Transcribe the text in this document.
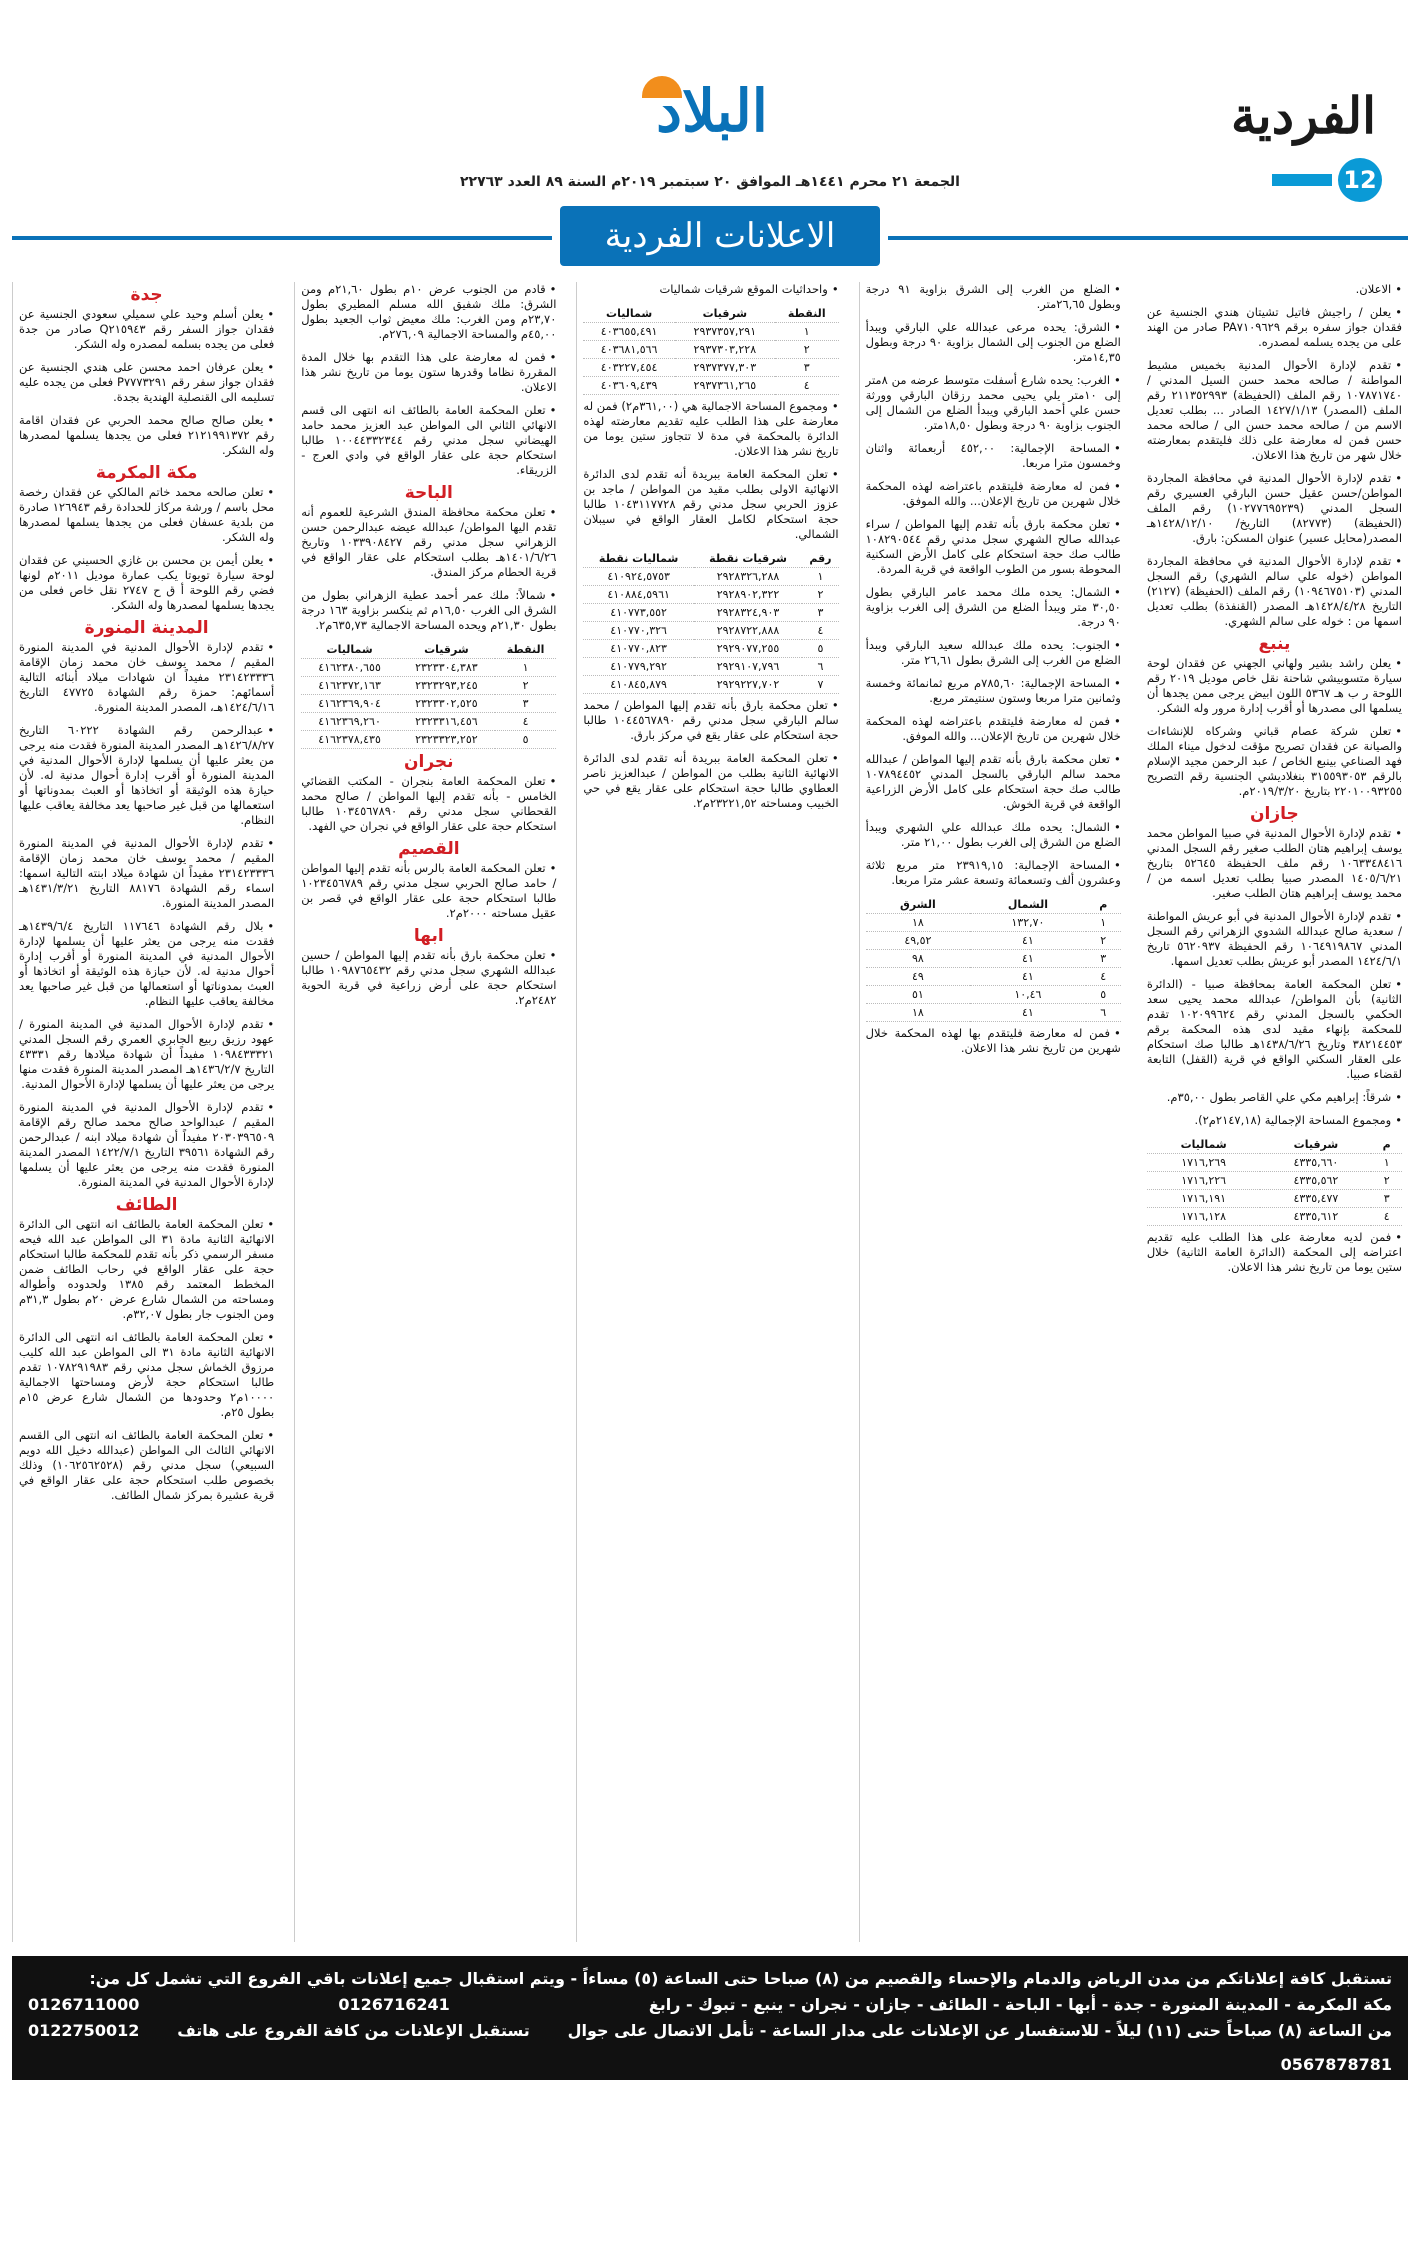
الفردية
12
البلاد
الجمعة ٢١ محرم ١٤٤١هـ الموافق ٢٠ سبتمبر ٢٠١٩م السنة ٨٩ العدد ٢٢٧٦٣
الاعلانات الفردية
جدة

• يعلن أسلم وحيد علي سميلي سعودي الجنسية عن فقدان جواز السفر رقم Q٢١٥٩٤٣ صادر من جدة فعلى من يجده بسلمه لمصدره وله الشكر.

• يعلن عرفان احمد محسن على هندي الجنسية عن فقدان جواز سفر رقم P٧٧٧٣٢٩١ فعلى من يجده عليه تسليمه الى القنصلية الهندية بجدة.

• يعلن صالح صالح محمد الحربي عن فقدان اقامة رقم ٢١٢١٩٩١٣٧٢ فعلى من يجدها يسلمها لمصدرها وله الشكر.

مكة المكرمة

• تعلن صالحه محمد خاتم المالكي عن فقدان رخصة محل باسم / ورشة مركاز للحدادة رقم ١٢٦٩٤٣ صادرة من بلدية عسفان فعلى من يجدها يسلمها لمصدرها وله الشكر.

• يعلن أيمن بن محسن بن غازي الحسيني عن فقدان لوحة سيارة تويوتا يكب عمارة موديل ٢٠١١م لونها فضي رقم اللوحة أ ق ح ٢٧٤٧ نقل خاص فعلى من يجدها يسلمها لمصدرها وله الشكر.

المدينة المنورة

• تقدم لإدارة الأحوال المدنية في المدينة المنورة المقيم / محمد يوسف خان محمد زمان الإقامة ٢٣١٤٢٣٣٣٦ مفيداً ان شهادات ميلاد أبنائه التالية أسمائهم: حمزة رقم الشهادة ٤٧٧٢٥ التاريخ ١٤٢٤/٦/١٦هـ، المصدر المدينة المنورة.

• عبدالرحمن رقم الشهادة ٦٠٢٢٢ التاريخ ١٤٢٦/٨/٢٧هـ المصدر المدينة المنورة فقدت منه يرجى من يعثر عليها أن يسلمها لإدارة الأحوال المدنية في المدينة المنورة أو أقرب إدارة أحوال مدنية له. لأن حيازة هذه الوثيقة أو اتخاذها أو العبث بمدوناتها أو استعمالها من قبل غير صاحبها يعد مخالفة يعاقب عليها النظام.

• تقدم لإدارة الأحوال المدنية في المدينة المنورة المقيم / محمد يوسف خان محمد زمان الإقامة ٢٣١٤٢٣٣٣٦ مفيداً ان شهادة ميلاد ابنته التالية اسمها: اسماء رقم الشهادة ٨٨١٧٦ التاريخ ١٤٣١/٣/٢١هـ المصدر المدينة المنورة.

• بلال رقم الشهادة ١١٧٦٤٦ التاريخ ١٤٣٩/٦/٤هـ فقدت منه يرجى من يعثر عليها أن يسلمها لإدارة الأحوال المدنية في المدينة المنورة أو أقرب إدارة أحوال مدنية له. لأن حيازة هذه الوثيقة أو اتخاذها أو العبث بمدوناتها أو استعمالها من قبل غير صاحبها يعد مخالفة يعاقب عليها النظام.

• تقدم لإدارة الأحوال المدنية في المدينة المنورة / عهود رزيق ربيع الجابري العمري رقم السجل المدني ١٠٩٨٤٣٣٣٢١ مفيداً أن شهادة ميلادها رقم ٤٣٣٣١ التاريخ ١٤٣٦/٢/٧هـ المصدر المدينة المنورة فقدت منها يرجى من يعثر عليها أن يسلمها لإدارة الأحوال المدنية.

• تقدم لإدارة الأحوال المدنية في المدينة المنورة المقيم / عبدالواحد صالح محمد صالح رقم الإقامة ٢٠٣٠٣٩٦٥٠٩ مفيداً أن شهادة ميلاد ابنه / عبدالرحمن رقم الشهادة ٣٩٥٦١ التاريخ ١٤٢٢/٧/١ المصدر المدينة المنورة فقدت منه يرجى من يعثر عليها أن يسلمها لإدارة الأحوال المدنية في المدينة المنورة.

الطائف

• تعلن المحكمة العامة بالطائف انه انتهى الى الدائرة الانهائية الثانية مادة ٣١ الى المواطن عبد الله فيحه مسفر الرسمي ذكر بأنه تقدم للمحكمة طالبا استحكام حجة على عقار الواقع في رحاب الطائف ضمن المخطط المعتمد رقم ١٣٨٥ ولحدوده وأطواله ومساحته من الشمال شارع عرض ٢٠م بطول ٣١,٣م ومن الجنوب جار بطول ٣٢,٠٧م.

• تعلن المحكمة العامة بالطائف انه انتهى الى الدائرة الانهائية الثانية مادة ٣١ الى المواطن عبد الله كليب مرزوق الخماش سجل مدني رقم ١٠٧٨٢٩١٩٨٣ تقدم طالبا استحكام حجة لأرض ومساحتها الاجمالية ١٠٠٠٠م٢ وحدودها من الشمال شارع عرض ١٥م بطول ٢٥م.

• تعلن المحكمة العامة بالطائف انه انتهى الى القسم الانهائي الثالث الى المواطن (عبدالله دخيل الله دويم السبيعي) سجل مدني رقم (١٠٦٢٥٦٢٥٢٨) وذلك بخصوص طلب استحكام حجة على عقار الواقع في قرية عشيرة بمركز شمال الطائف.

• قادم من الجنوب عرض ١٠م بطول ٢١,٦٠م ومن الشرق: ملك شفيق الله مسلم المطيري بطول ٢٣,٧٠م ومن الغرب: ملك معيض ثواب الجعيد بطول ٤٥,٠٠م والمساحة الاجمالية ٢٧٦,٠٩م.

• فمن له معارضة على هذا التقدم بها خلال المدة المقررة نظاما وقدرها ستون يوما من تاريخ نشر هذا الاعلان.

• تعلن المحكمة العامة بالطائف انه انتهى الى قسم الانهائي الثاني الى المواطن عبد العزيز محمد حامد الهيضاني سجل مدني رقم ١٠٠٤٤٣٣٢٣٤٤ طالبا استحكام حجة على عقار الواقع في وادي العرج - الزريقاء.

الباحة

• تعلن محكمة محافظة المندق الشرعية للعموم أنه تقدم اليها المواطن/ عبدالله عيضه عبدالرحمن حسن الزهراني سجل مدني رقم ١٠٣٣٩٠٨٤٢٧ وتاريخ ١٤٠١/٦/٢٦هـ بطلب استحكام على عقار الواقع في قرية الحطام مركز المندق.

• شمالاً: ملك عمر أحمد عطية الزهراني بطول من الشرق الى الغرب ١٦,٥٠م ثم ينكسر بزاوية ١٦٣ درجة بطول ٢١,٣٠م ويحده المساحة الاجمالية ٦٣٥,٧٣م٢.

النقطة	شرقيات	شماليات
١	٢٣٢٣٣٠٤,٣٨٣	٤١٦٢٣٨٠,٦٥٥
٢	٢٣٢٣٢٩٣,٢٤٥	٤١٦٢٣٧٢,١٦٣
٣	٢٣٢٣٣٠٢,٥٢٥	٤١٦٢٣٦٩,٩٠٤
٤	٢٣٢٣٣١٦,٤٥٦	٤١٦٢٣٦٩,٢٦٠
٥	٢٣٢٣٣٢٣,٢٥٢	٤١٦٢٣٧٨,٤٣٥
نجران

• تعلن المحكمة العامة بنجران - المكتب القضائي الخامس - بأنه تقدم إليها المواطن / صالح محمد القحطاني سجل مدني رقم ١٠٣٤٥٦٧٨٩٠ طالبا استحكام حجة على عقار الواقع في نجران حي الفهد.

القصيم

• تعلن المحكمة العامة بالرس بأنه تقدم إليها المواطن / حامد صالح الحربي سجل مدني رقم ١٠٢٣٤٥٦٧٨٩ طالبا استحكام حجة على عقار الواقع في قصر بن عقيل مساحته ٢٠٠٠م٢.

ابها

• تعلن محكمة بارق بأنه تقدم إليها المواطن / حسين عبدالله الشهري سجل مدني رقم ١٠٩٨٧٦٥٤٣٢ طالبا استحكام حجة على أرض زراعية في قرية الحوية ٢٤٨٢م٢.

• واحداثيات الموقع شرقيات شماليات

النقطة	شرقيات	شماليات
١	٢٩٣٧٣٥٧,٢٩١	٤٠٣٦٥٥,٤٩١
٢	٢٩٣٧٣٠٣,٢٢٨	٤٠٣٦٨١,٥٦٦
٣	٢٩٣٧٣٧٧,٣٠٣	٤٠٣٢٢٧,٤٥٤
٤	٢٩٣٧٣٦١,٢٦٥	٤٠٣٦٠٩,٤٣٩

• ومجموع المساحة الاجمالية هي (٣٦١,٠٠م٢) فمن له معارضة على هذا الطلب عليه تقديم معارضته لهذه الدائرة بالمحكمة في مدة لا تتجاوز ستين يوما من تاريخ نشر هذا الاعلان.

• تعلن المحكمة العامة ببريدة أنه تقدم لدى الدائرة الانهائية الاولى بطلب مقيد من المواطن / ماجد بن عزوز الحربي سجل مدني رقم ١٠٤٣١١٧٧٢٨ طالبا حجة استحكام لكامل العقار الواقع في سيبلان الشمالي.

رقم	شرقيات نقطة	شماليات نقطة
١	٢٩٢٨٣٢٦,٢٨٨	٤١٠٩٢٤,٥٧٥٣
٢	٢٩٢٨٩٠٢,٣٢٢	٤١٠٨٨٤,٥٩٦١
٣	٢٩٢٨٣٢٤,٩٠٣	٤١٠٧٧٣,٥٥٢
٤	٢٩٢٨٧٢٢,٨٨٨	٤١٠٧٧٠,٣٢٦
٥	٢٩٢٩٠٧٧,٢٥٥	٤١٠٧٧٠,٨٢٣
٦	٢٩٢٩١٠٧,٧٩٦	٤١٠٧٧٩,٢٩٢
٧	٢٩٢٩٢٢٧,٧٠٢	٤١٠٨٤٥,٨٧٩

• تعلن محكمة بارق بأنه تقدم إليها المواطن / محمد سالم البارقي سجل مدني رقم ١٠٤٤٥٦٧٨٩٠ طالبا حجة استحكام على عقار يقع في مركز بارق.

• تعلن المحكمة العامة ببريدة أنه تقدم لدى الدائرة الانهائية الثانية بطلب من المواطن / عبدالعزيز ناصر العطاوي طالبا حجة استحكام على عقار يقع في حي الخبيب ومساحته ٢٣٢٢١,٥٢م٢.

• الضلع من الغرب إلى الشرق بزاوية ٩١ درجة وبطول ٢٦,٦٥متر.

• الشرق: يحده مرعى عبدالله علي البارقي ويبدأ الضلع من الجنوب إلى الشمال بزاوية ٩٠ درجة وبطول ١٤,٣٥متر.

• الغرب: يحده شارع أسفلت متوسط عرضه من ٨متر إلى ١٠متر يلي يحيى محمد رزقان البارقي وورثة حسن علي أحمد البارقي ويبدأ الضلع من الشمال إلى الجنوب بزاوية ٩٠ درجة وبطول ١٨,٥٠متر.

• المساحة الإجمالية: ٤٥٢,٠٠ أربعمائة واثنان وخمسون مترا مربعا.

• فمن له معارضة فليتقدم باعتراضه لهذه المحكمة خلال شهرين من تاريخ الإعلان... والله الموفق.

• تعلن محكمة بارق بأنه تقدم إليها المواطن / سراء عبدالله صالح الشهري سجل مدني رقم ١٠٨٢٩٠٥٤٤ طالب صك حجة استحكام على كامل الأرض السكنية المحوطة بسور من الطوب الواقعة في قرية المردة.

• الشمال: يحده ملك محمد عامر البارقي بطول ٣٠,٥٠ متر ويبدأ الضلع من الشرق إلى الغرب بزاوية ٩٠ درجة.

• الجنوب: يحده ملك عبدالله سعيد البارقي ويبدأ الضلع من الغرب إلى الشرق بطول ٢٦,٦١ متر.

• المساحة الإجمالية: ٧٨٥,٦٠م مربع ثمانمائة وخمسة وثمانين مترا مربعا وستون سنتيمتر مربع.

• فمن له معارضة فليتقدم باعتراضه لهذه المحكمة خلال شهرين من تاريخ الإعلان... والله الموفق.

• تعلن محكمة بارق بأنه تقدم إليها المواطن / عبدالله محمد سالم البارقي بالسجل المدني ١٠٧٨٩٤٤٥٢ طالب صك حجة استحكام على كامل الأرض الزراعية الواقعة في قرية الخوش.

• الشمال: يحده ملك عبدالله علي الشهري ويبدأ الضلع من الشرق إلى الغرب بطول ٢١,٠٠ متر.

• المساحة الإجمالية: ٢٣٩١٩,١٥ متر مربع ثلاثة وعشرون ألف وتسعمائة وتسعة عشر مترا مربعا.

م	الشمال	الشرق
١	١٣٢,٧٠	١٨
٢	٤١	٤٩,٥٢
٣	٤١	٩٨
٤	٤١	٤٩
٥	١٠,٤٦	٥١
٦	٤١	١٨

• فمن له معارضة فليتقدم بها لهذه المحكمة خلال شهرين من تاريخ نشر هذا الاعلان.

• الاعلان.

• يعلن / راجيش فاتيل تشيتان هندي الجنسية عن فقدان جواز سفره برقم PA٧١٠٩٦٢٩ صادر من الهند على من يجده يسلمه لمصدره.

• تقدم لإدارة الأحوال المدنية بخميس مشيط المواطنة / صالحه محمد حسن السيل المدني / ١٠٧٨٧١٧٤٠ رقم الملف (الحفيظة) ٢١١٣٥٢٩٩٣ رقم الملف (المصدر) ١٤٢٧/١/١٣ الصادر ... بطلب تعديل الاسم من / صالحه محمد حسن الى / صالحه محمد حسن فمن له معارضة على ذلك فليتقدم بمعارضته خلال شهر من تاريخ هذا الاعلان.

• تقدم لإدارة الأحوال المدنية في محافظة المجاردة المواطن/حسن عقيل حسن البارقي العسيري رقم السجل المدني (١٠٢٧٧٦٩٥٢٣٩) رقم الملف (الحفيظة) (٨٢٧٧٣) التاريخ/ ١٤٢٨/١٢/١٠هـ المصدر(محايل عسير) عنوان المسكن: بارق.

• تقدم لإدارة الأحوال المدنية في محافظة المجاردة المواطن (خوله علي سالم الشهري) رقم السجل المدني (١٠٩٤٦٧٥١٠٣) رقم الملف (الحفيظة) (٢١٢٧) التاريخ ١٤٢٨/٤/٢٨هـ المصدر (القنفذة) بطلب تعديل اسمها من : خوله على سالم الشهري.

ينبع

• يعلن راشد بشير ولهاني الجهني عن فقدان لوحة سيارة متسوبيشي شاحنة نقل خاص موديل ٢٠١٩ رقم اللوحة ر ب هـ ٥٣٦٧ اللون ابيض يرجى ممن يجدها أن يسلمها الى مصدرها أو أقرب إدارة مرور وله الشكر.

• تعلن شركة عصام قباني وشركاه للإنشاءات والصيانة عن فقدان تصريح مؤقت لدخول ميناء الملك فهد الصناعي بينبع الخاص / عبد الرحمن مجيد الإسلام بالرقم ٣١٥٥٩٣٠٥٣ بنغلاديشي الجنسية رقم التصريح ٢٢٠١٠٠٩٣٢٥٥ بتاريخ ٢٠١٩/٣/٢٠م.

جازان

• تقدم لإدارة الأحوال المدنية في صبيا المواطن محمد يوسف إبراهيم هتان الطلب صغير رقم السجل المدني ١٠٦٣٣٤٨٤١٦ رقم ملف الحفيظة ٥٢٦٤٥ بتاريخ ١٤٠٥/٦/٢١ المصدر صبيا بطلب تعديل اسمه من / محمد يوسف إبراهيم هتان الطلب صغير.

• تقدم لإدارة الأحوال المدنية في أبو عريش المواطنة / سعدية صالح عبدالله الشدوي الزهراني رقم السجل المدني ١٠٦٤٩١٩٨٦٧ رقم الحفيظة ٥٦٢٠٩٣٧ تاريخ ١٤٢٤/٦/١ المصدر أبو عريش بطلب تعديل اسمها.

• تعلن المحكمة العامة بمحافظة صبيا - (الدائرة الثانية) بأن المواطن/ عبدالله محمد يحيى سعد الحكمي بالسجل المدني رقم ١٠٢٠٩٩٦٢٤ تقدم للمحكمة بإنهاء مقيد لدى هذه المحكمة برقم ٣٨٢١٤٤٥٣ وتاريخ ١٤٣٨/٦/٢٦هـ طالبا صك استحكام على العقار السكني الواقع في قرية (القفل) التابعة لقضاء صبيا.

• شرقاً: إبراهيم مكي علي القاصر بطول ٣٥,٠٠م.

• ومجموع المساحة الإجمالية (٢١٤٧,١٨م٢).

م	شرقيات	شماليات
١	٤٣٣٥,٦٦٠	١٧١٦,٢٦٩
٢	٤٣٣٥,٥٦٢	١٧١٦,٢٢٦
٣	٤٣٣٥,٤٧٧	١٧١٦,١٩١
٤	٤٣٣٥,٦١٢	١٧١٦,١٢٨

• فمن لديه معارضة على هذا الطلب عليه تقديم اعتراضه إلى المحكمة (الدائرة العامة الثانية) خلال ستين يوما من تاريخ نشر هذا الاعلان.

تستقبل كافة إعلاناتكم من مدن الرياض والدمام والإحساء والقصيم من (٨) صباحا حتى الساعة (٥) مساءاً - ويتم استقبال جميع إعلانات باقي الفروع التي تشمل كل من:
مكة المكرمة - المدينة المنورة - جدة - أبها - الباحة - الطائف - جازان - نجران - ينبع - تبوك - رابغ
0126716241
0126711000
من الساعة (٨) صباحاً حتى (١١) ليلاً - للاستفسار عن الإعلانات على مدار الساعة - تأمل الاتصال على جوال
تستقبل الإعلانات من كافة الفروع على هاتف
0122750012
0567878781
